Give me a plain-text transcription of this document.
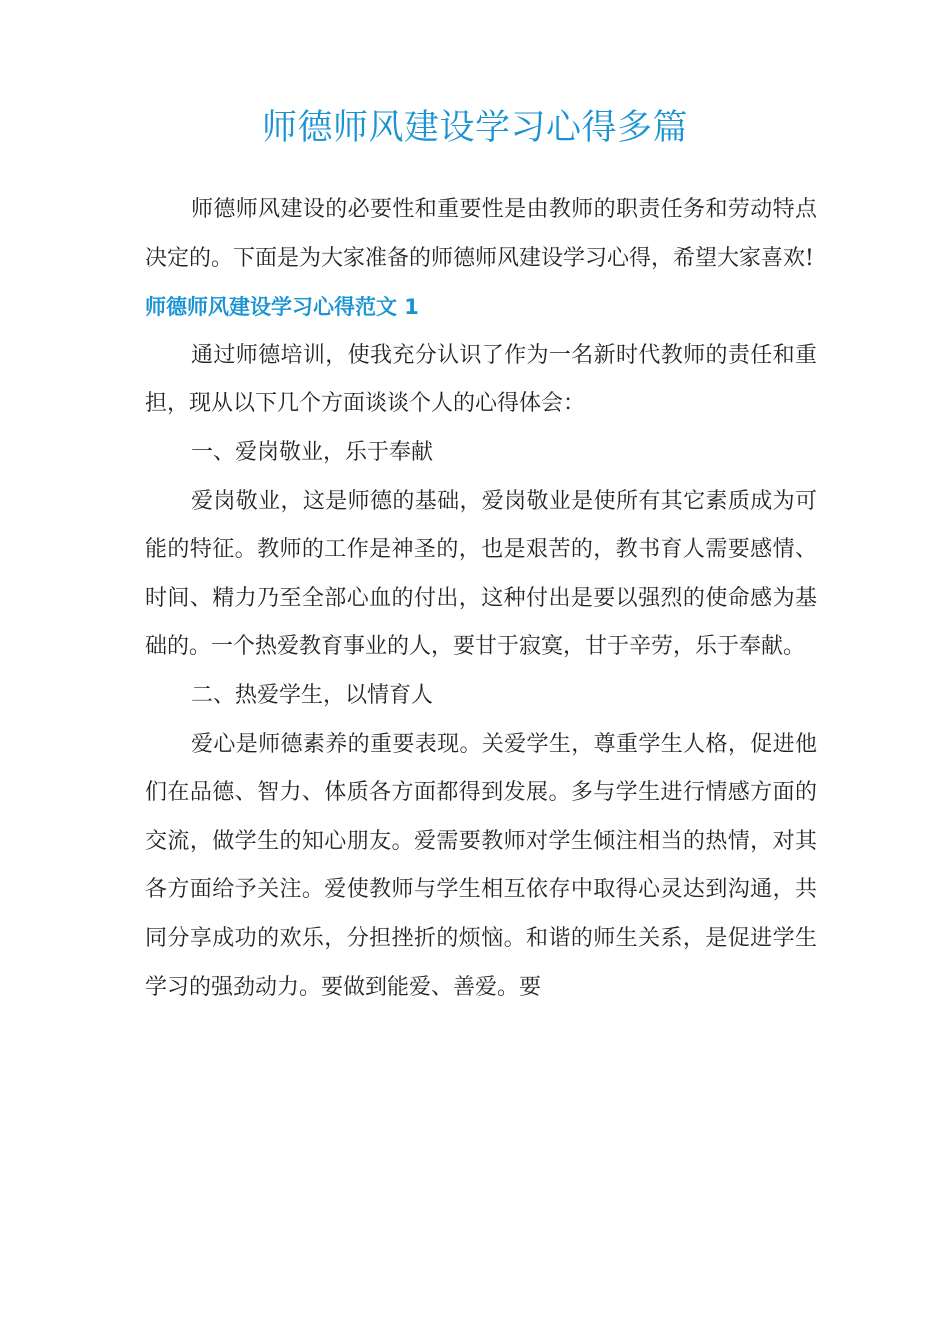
师德师风建设学习心得多篇

师德师风建设的必要性和重要性是由教师的职责任务和劳动特点决定的。下面是为大家准备的师德师风建设学习心得，希望大家喜欢!

师德师风建设学习心得范文 1

通过师德培训，使我充分认识了作为一名新时代教师的责任和重担，现从以下几个方面谈谈个人的心得体会：

一、爱岗敬业，乐于奉献

爱岗敬业，这是师德的基础，爱岗敬业是使所有其它素质成为可能的特征。教师的工作是神圣的，也是艰苦的，教书育人需要感情、时间、精力乃至全部心血的付出，这种付出是要以强烈的使命感为基础的。一个热爱教育事业的人，要甘于寂寞，甘于辛劳，乐于奉献。

二、热爱学生，以情育人

爱心是师德素养的重要表现。关爱学生，尊重学生人格，促进他们在品德、智力、体质各方面都得到发展。多与学生进行情感方面的交流，做学生的知心朋友。爱需要教师对学生倾注相当的热情，对其各方面给予关注。爱使教师与学生相互依存中取得心灵达到沟通，共同分享成功的欢乐，分担挫折的烦恼。和谐的师生关系，是促进学生学习的强劲动力。要做到能爱、善爱。要
